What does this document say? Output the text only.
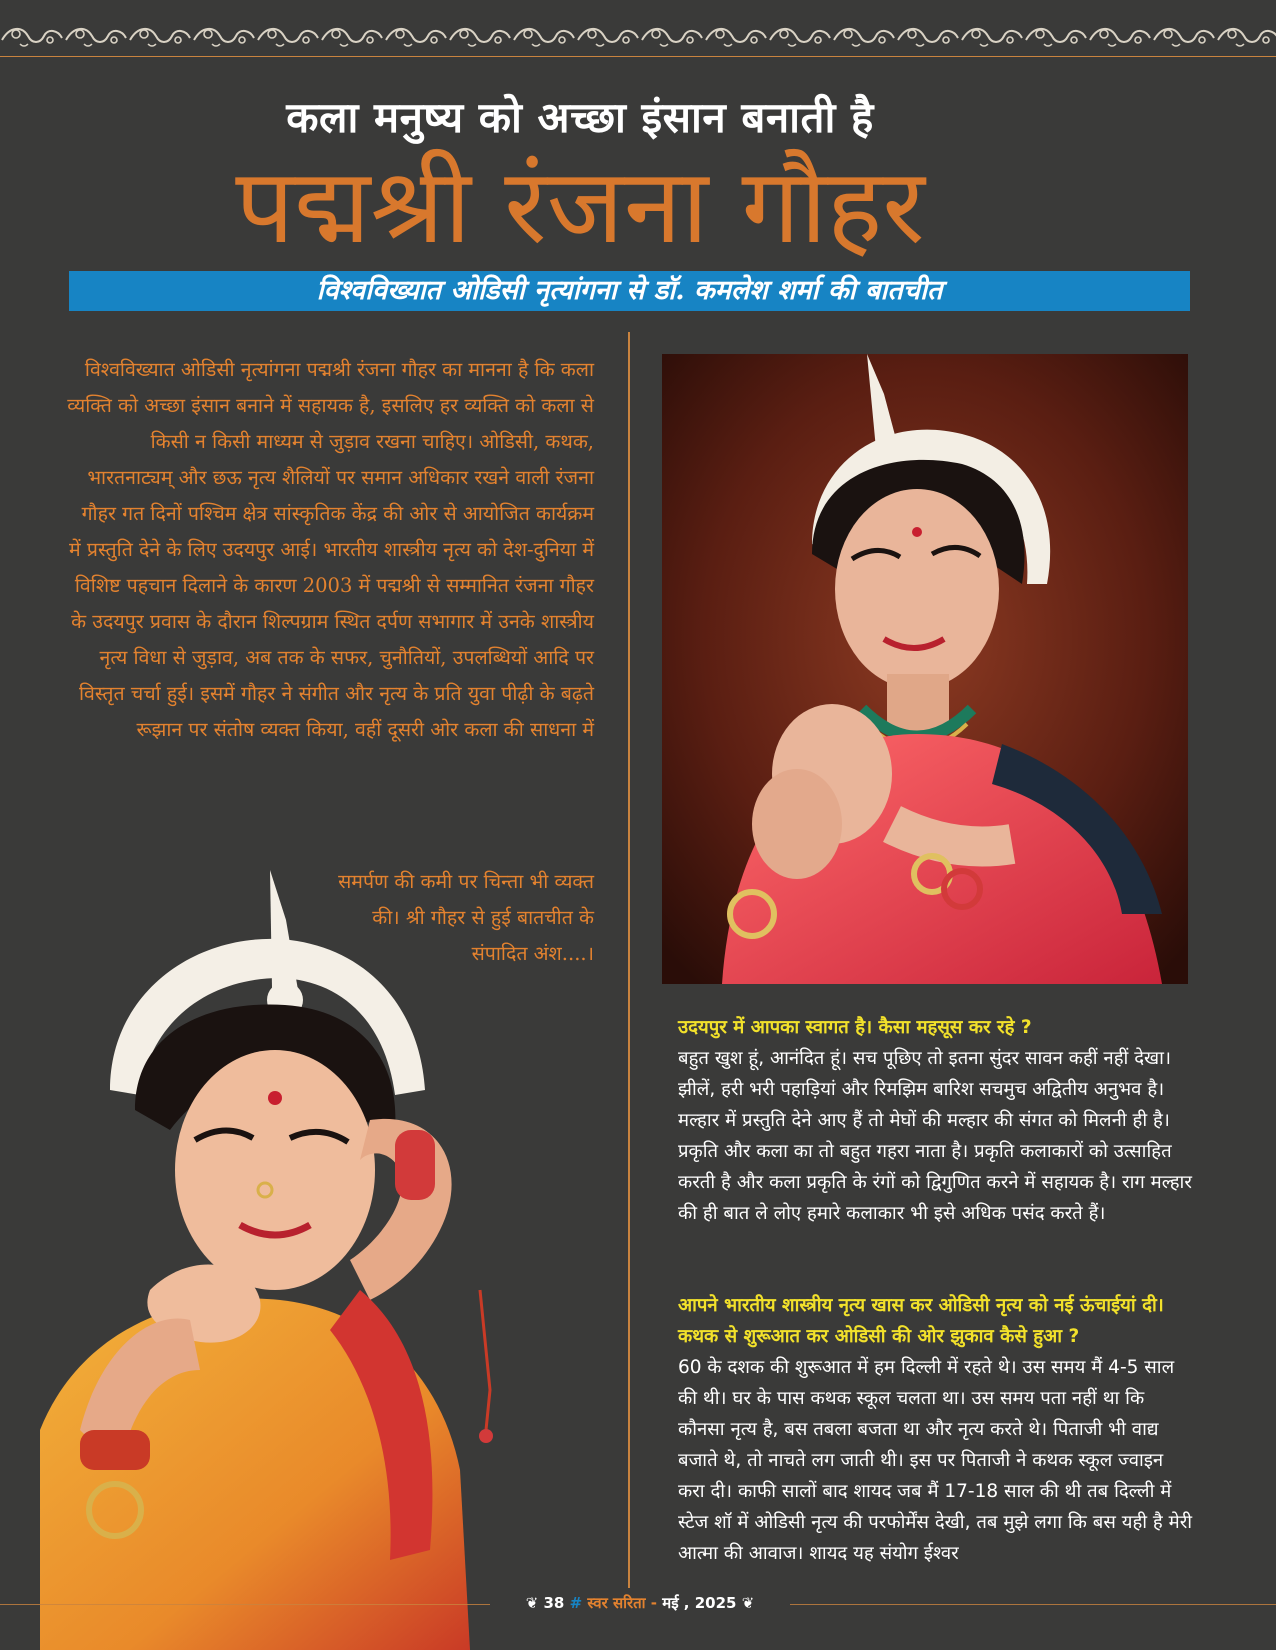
कला मनुष्य को अच्छा इंसान बनाती है
पद्मश्री रंजना गौहर
विश्वविख्यात ओडिसी नृत्यांगना से डॉ. कमलेश शर्मा की बातचीत
विश्वविख्यात ओडिसी नृत्यांगना पद्मश्री रंजना गौहर का मानना है कि कला व्यक्ति को अच्छा इंसान बनाने में सहायक है, इसलिए हर व्यक्ति को कला से किसी न किसी माध्यम से जुड़ाव रखना चाहिए। ओडिसी, कथक, भारतनाट्यम् और छऊ नृत्य शैलियों पर समान अधिकार रखने वाली रंजना गौहर गत दिनों पश्चिम क्षेत्र सांस्कृतिक केंद्र की ओर से आयोजित कार्यक्रम में प्रस्तुति देने के लिए उदयपुर आई। भारतीय शास्त्रीय नृत्य को देश-दुनिया में विशिष्ट पहचान दिलाने के कारण 2003 में पद्मश्री से सम्मानित रंजना गौहर के उदयपुर प्रवास के दौरान शिल्पग्राम स्थित दर्पण सभागार में उनके शास्त्रीय नृत्य विधा से जुड़ाव, अब तक के सफर, चुनौतियों, उपलब्धियों आदि पर विस्तृत चर्चा हुई। इसमें गौहर ने संगीत और नृत्य के प्रति युवा पीढ़ी के बढ़ते रूझान पर संतोष व्यक्त किया, वहीं दूसरी ओर कला की साधना में
समर्पण की कमी पर चिन्ता भी व्यक्त की। श्री गौहर से हुई बातचीत के संपादित अंश....।
उदयपुर में आपका स्वागत है। कैसा महसूस कर रहे ?
बहुत खुश हूं, आनंदित हूं। सच पूछिए तो इतना सुंदर सावन कहीं नहीं देखा। झीलें, हरी भरी पहाड़ियां और रिमझिम बारिश सचमुच अद्वितीय अनुभव है। मल्हार में प्रस्तुति देने आए हैं तो मेघों की मल्हार की संगत को मिलनी ही है। प्रकृति और कला का तो बहुत गहरा नाता है। प्रकृति कलाकारों को उत्साहित करती है और कला प्रकृति के रंगों को द्विगुणित करने में सहायक है। राग मल्हार की ही बात ले लोए हमारे कलाकार भी इसे अधिक पसंद करते हैं।
आपने भारतीय शास्त्रीय नृत्य खास कर ओडिसी नृत्य को नई ऊंचाईयां दी। कथक से शुरूआत कर ओडिसी की ओर झुकाव कैसे हुआ ?
60 के दशक की शुरूआत में हम दिल्ली में रहते थे। उस समय मैं 4-5 साल की थी। घर के पास कथक स्कूल चलता था। उस समय पता नहीं था कि कौनसा नृत्य है, बस तबला बजता था और नृत्य करते थे। पिताजी भी वाद्य बजाते थे, तो नाचते लग जाती थी। इस पर पिताजी ने कथक स्कूल ज्वाइन करा दी। काफी सालों बाद शायद जब मैं 17-18 साल की थी तब दिल्ली में स्टेज शॉ में ओडिसी नृत्य की परफोर्मेंस देखी, तब मुझे लगा कि बस यही है मेरी आत्मा की आवाज। शायद यह संयोग ईश्वर
❦ 38 # स्वर सरिता - मई , 2025 ❦
